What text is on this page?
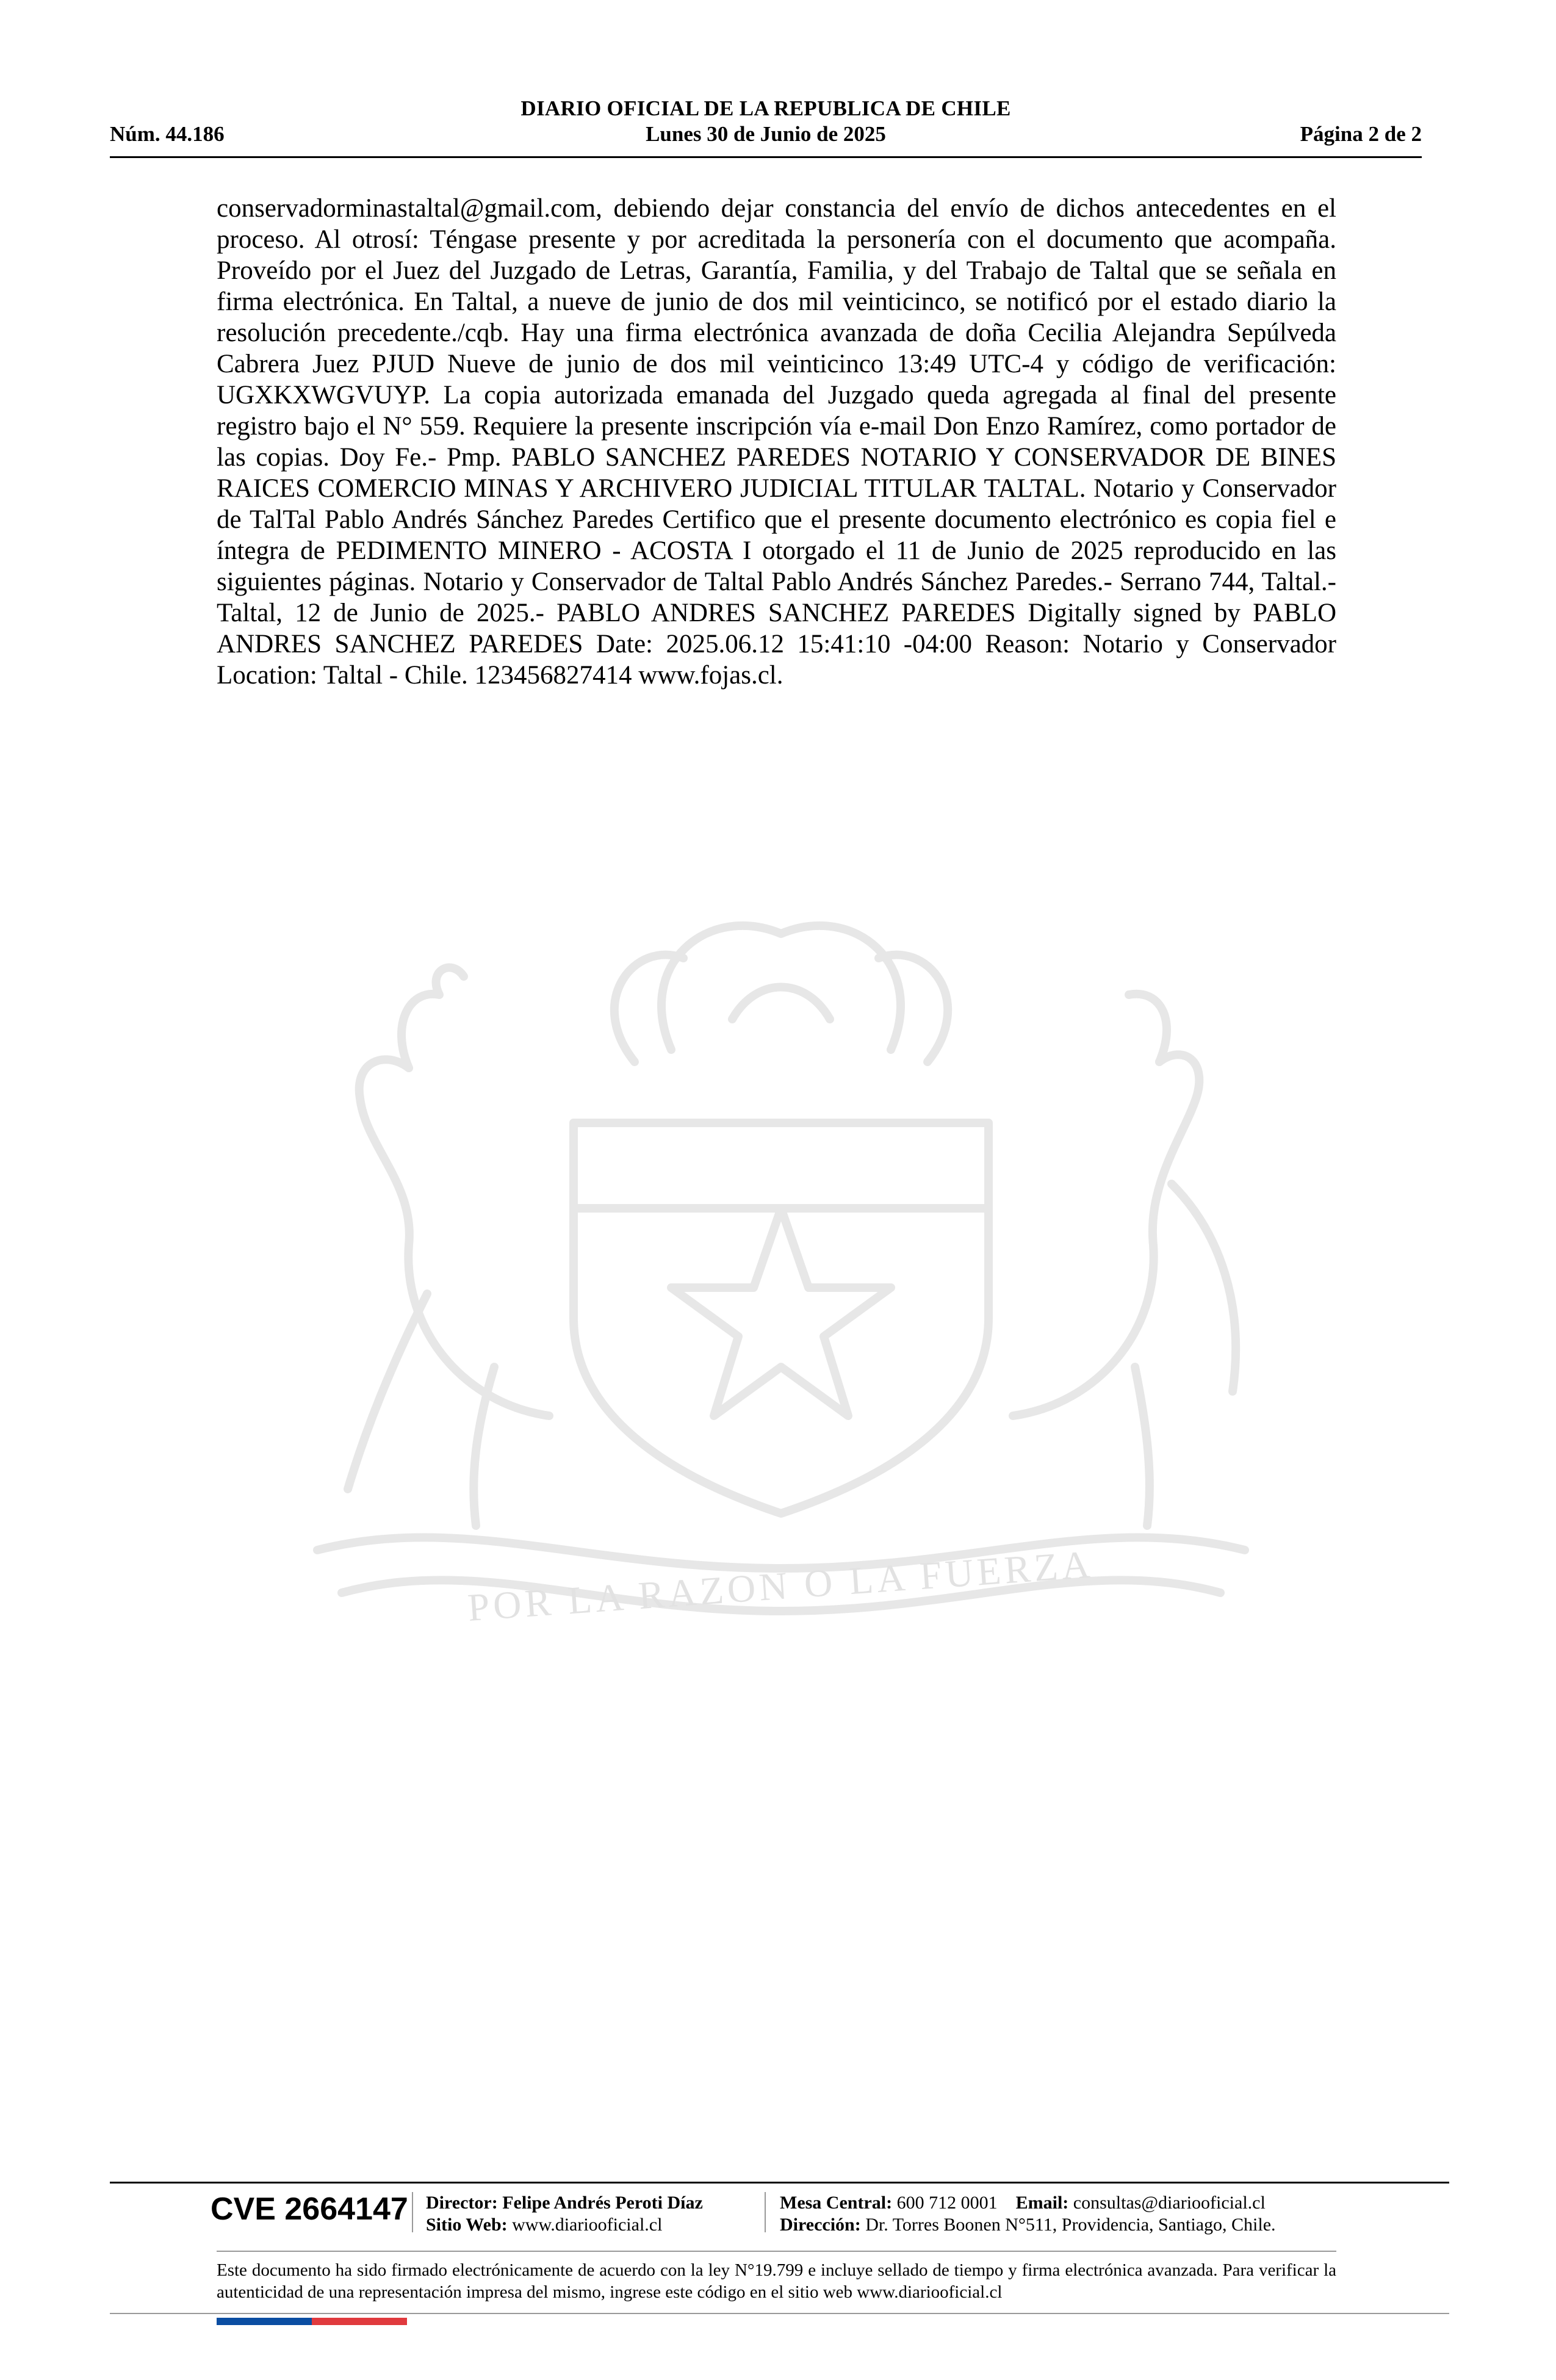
DIARIO OFICIAL DE LA REPUBLICA DE CHILE
Núm. 44.186	Lunes 30 de Junio de 2025	Página 2 de 2

conservadorminastaltal@gmail.com, debiendo dejar constancia del envío de dichos antecedentes en el proceso. Al otrosí: Téngase presente y por acreditada la personería con el documento que acompaña. Proveído por el Juez del Juzgado de Letras, Garantía, Familia, y del Trabajo de Taltal que se señala en firma electrónica. En Taltal, a nueve de junio de dos mil veinticinco, se notificó por el estado diario la resolución precedente./cqb. Hay una firma electrónica avanzada de doña Cecilia Alejandra Sepúlveda Cabrera Juez PJUD Nueve de junio de dos mil veinticinco 13:49 UTC-4 y código de verificación: UGXKXWGVUYP. La copia autorizada emanada del Juzgado queda agregada al final del presente registro bajo el N° 559. Requiere la presente inscripción vía e-mail Don Enzo Ramírez, como portador de las copias. Doy Fe.- Pmp. PABLO SANCHEZ PAREDES NOTARIO Y CONSERVADOR DE BINES RAICES COMERCIO MINAS Y ARCHIVERO JUDICIAL TITULAR TALTAL. Notario y Conservador de TalTal Pablo Andrés Sánchez Paredes Certifico que el presente documento electrónico es copia fiel e íntegra de PEDIMENTO MINERO - ACOSTA I otorgado el 11 de Junio de 2025 reproducido en las siguientes páginas. Notario y Conservador de Taltal Pablo Andrés Sánchez Paredes.- Serrano 744, Taltal.- Taltal, 12 de Junio de 2025.- PABLO ANDRES SANCHEZ PAREDES Digitally signed by PABLO ANDRES SANCHEZ PAREDES Date: 2025.06.12 15:41:10 -04:00 Reason: Notario y Conservador Location: Taltal - Chile. 123456827414 www.fojas.cl.

POR LA RAZON O LA FUERZA
CVE 2664147 Director: Felipe Andrés Peroti Díaz
Sitio Web: www.diariooficial.cl
Mesa Central: 600 712 0001 Email: consultas@diariooficial.cl
Dirección: Dr. Torres Boonen N°511, Providencia, Santiago, Chile.

Este documento ha sido firmado electrónicamente de acuerdo con la ley N°19.799 e incluye sellado de tiempo y firma electrónica avanzada. Para verificar la autenticidad de una representación impresa del mismo, ingrese este código en el sitio web www.diariooficial.cl
